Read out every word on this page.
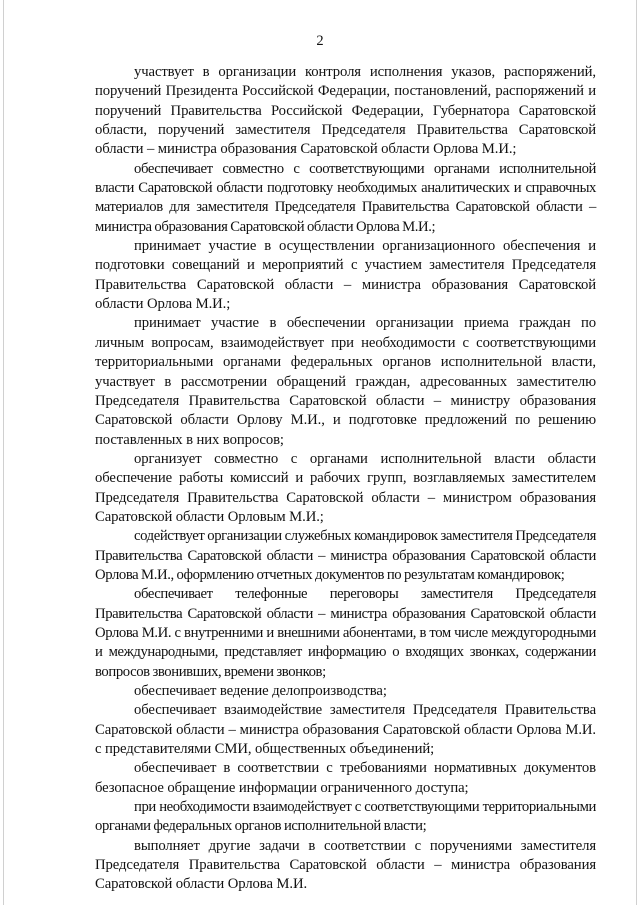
2

участвует в организации контроля исполнения указов, распоряжений, поручений Президента Российской Федерации, постановлений, распоряжений и поручений Правительства Российской Федерации, Губернатора Саратовской области, поручений заместителя Председателя Правительства Саратовской области – министра образования Саратовской области Орлова М.И.;

обеспечивает совместно с соответствующими органами исполнительной власти Саратовской области подготовку необходимых аналитических и справочных материалов для заместителя Председателя Правительства Саратовской области – министра образования Саратовской области Орлова М.И.;

принимает участие в осуществлении организационного обеспечения и подготовки совещаний и мероприятий с участием заместителя Председателя Правительства Саратовской области – министра образования Саратовской области Орлова М.И.;

принимает участие в обеспечении организации приема граждан по личным вопросам, взаимодействует при необходимости с соответствующими территориальными органами федеральных органов исполнительной власти, участвует в рассмотрении обращений граждан, адресованных заместителю Председателя Правительства Саратовской области – министру образования Саратовской области Орлову М.И., и подготовке предложений по решению поставленных в них вопросов;

организует совместно с органами исполнительной власти области обеспечение работы комиссий и рабочих групп, возглавляемых заместителем Председателя Правительства Саратовской области – министром образования Саратовской области Орловым М.И.;

содействует организации служебных командировок заместителя Председателя Правительства Саратовской области – министра образования Саратовской области Орлова М.И., оформлению отчетных документов по результатам командировок;

обеспечивает телефонные переговоры заместителя Председателя Правительства Саратовской области – министра образования Саратовской области Орлова М.И. с внутренними и внешними абонентами, в том числе междугородными и международными, представляет информацию о входящих звонках, содержании вопросов звонивших, времени звонков;

обеспечивает ведение делопроизводства;

обеспечивает взаимодействие заместителя Председателя Правительства Саратовской области – министра образования Саратовской области Орлова М.И. с представителями СМИ, общественных объединений;

обеспечивает в соответствии с требованиями нормативных документов безопасное обращение информации ограниченного доступа;

при необходимости взаимодействует с соответствующими территориальными органами федеральных органов исполнительной власти;

выполняет другие задачи в соответствии с поручениями заместителя Председателя Правительства Саратовской области – министра образования Саратовской области Орлова М.И.
